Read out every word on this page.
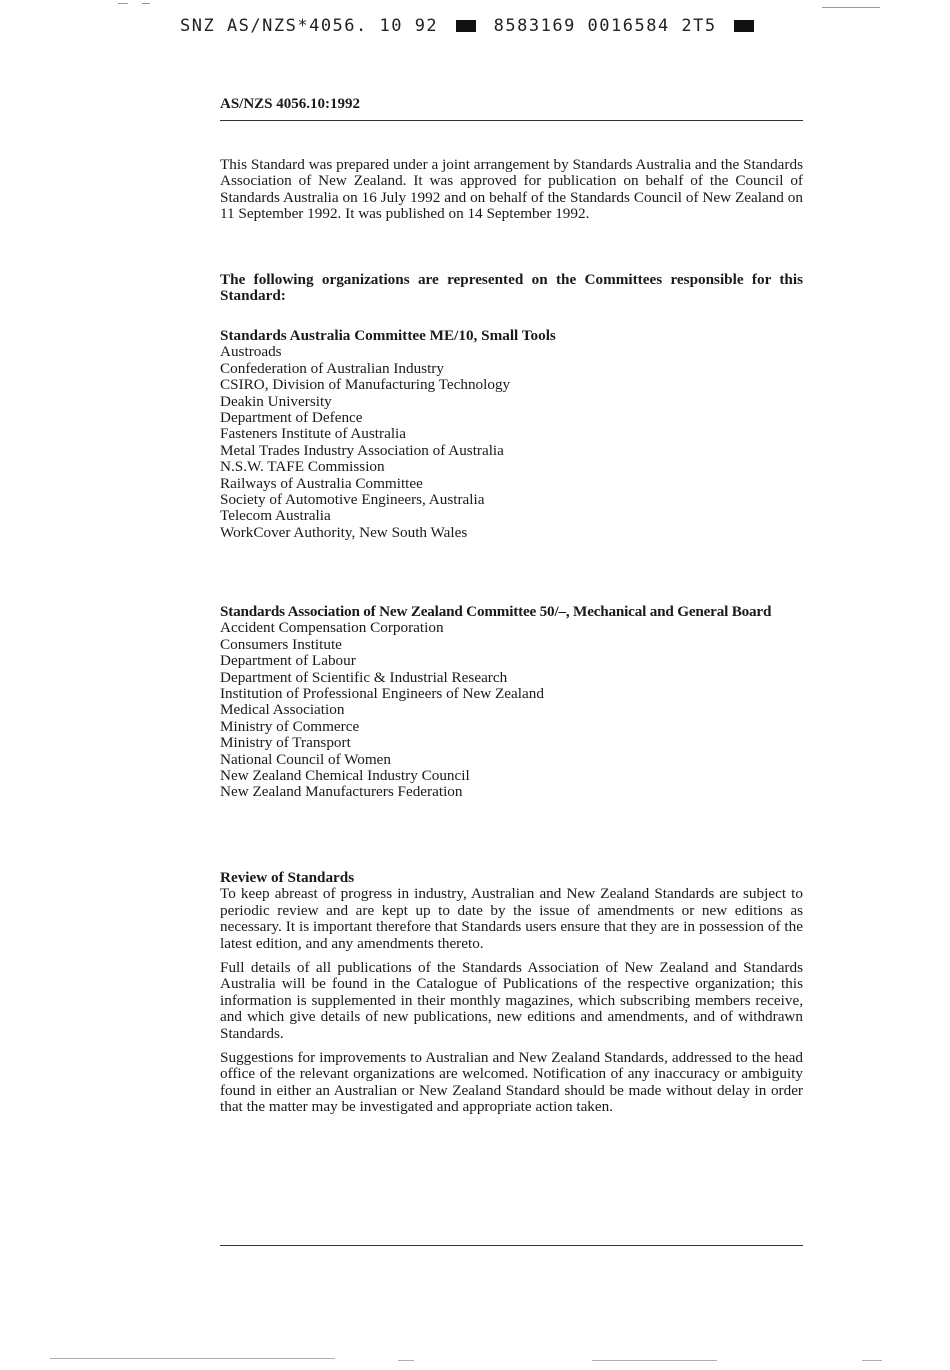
SNZ AS/NZS*4056. 10 92	8583169 0016584 2T5
AS/NZS 4056.10:1992
This Standard was prepared under a joint arrangement by Standards Australia and the Standards Association of New Zealand. It was approved for publication on behalf of the Council of Standards Australia on 16 July 1992 and on behalf of the Standards Council of New Zealand on 11 September 1992. It was published on 14 September 1992.
The following organizations are represented on the Committees responsible for this Standard:
Standards Australia Committee ME/10, Small Tools
Austroads
Confederation of Australian Industry
CSIRO, Division of Manufacturing Technology
Deakin University
Department of Defence
Fasteners Institute of Australia
Metal Trades Industry Association of Australia
N.S.W. TAFE Commission
Railways of Australia Committee
Society of Automotive Engineers, Australia
Telecom Australia
WorkCover Authority, New South Wales
Standards Association of New Zealand Committee 50/–, Mechanical and General Board
Accident Compensation Corporation
Consumers Institute
Department of Labour
Department of Scientific & Industrial Research
Institution of Professional Engineers of New Zealand
Medical Association
Ministry of Commerce
Ministry of Transport
National Council of Women
New Zealand Chemical Industry Council
New Zealand Manufacturers Federation
Review of Standards

To keep abreast of progress in industry, Australian and New Zealand Standards are subject to periodic review and are kept up to date by the issue of amendments or new editions as necessary. It is important therefore that Standards users ensure that they are in possession of the latest edition, and any amendments thereto.

Full details of all publications of the Standards Association of New Zealand and Standards Australia will be found in the Catalogue of Publications of the respective organization; this information is supplemented in their monthly magazines, which subscribing members receive, and which give details of new publications, new editions and amendments, and of withdrawn Standards.

Suggestions for improvements to Australian and New Zealand Standards, addressed to the head office of the relevant organizations are welcomed. Notification of any inaccuracy or ambiguity found in either an Australian or New Zealand Standard should be made without delay in order that the matter may be investigated and appropriate action taken.
